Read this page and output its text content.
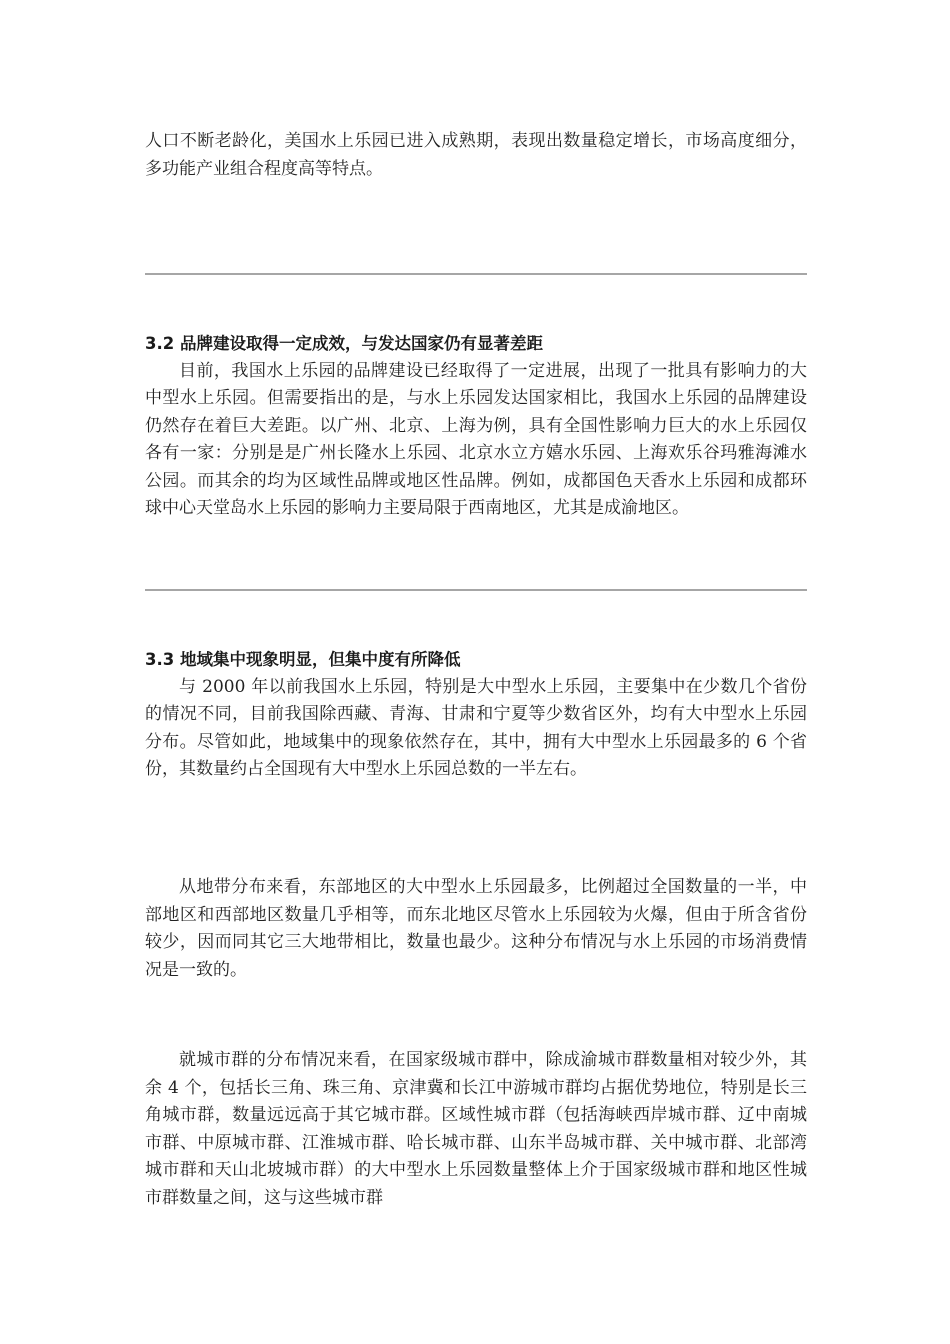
人口不断老龄化，美国水上乐园已进入成熟期，表现出数量稳定增长，市场高度细分，多功能产业组合程度高等特点。

3.2 品牌建设取得一定成效，与发达国家仍有显著差距

目前，我国水上乐园的品牌建设已经取得了一定进展，出现了一批具有影响力的大中型水上乐园。但需要指出的是，与水上乐园发达国家相比，我国水上乐园的品牌建设仍然存在着巨大差距。以广州、北京、上海为例，具有全国性影响力巨大的水上乐园仅各有一家：分别是是广州长隆水上乐园、北京水立方嬉水乐园、上海欢乐谷玛雅海滩水公园。而其余的均为区域性品牌或地区性品牌。例如，成都国色天香水上乐园和成都环球中心天堂岛水上乐园的影响力主要局限于西南地区，尤其是成渝地区。

3.3 地域集中现象明显，但集中度有所降低

与 2000 年以前我国水上乐园，特别是大中型水上乐园，主要集中在少数几个省份的情况不同，目前我国除西藏、青海、甘肃和宁夏等少数省区外，均有大中型水上乐园分布。尽管如此，地域集中的现象依然存在，其中，拥有大中型水上乐园最多的 6 个省份，其数量约占全国现有大中型水上乐园总数的一半左右。

从地带分布来看，东部地区的大中型水上乐园最多，比例超过全国数量的一半，中部地区和西部地区数量几乎相等，而东北地区尽管水上乐园较为火爆，但由于所含省份较少，因而同其它三大地带相比，数量也最少。这种分布情况与水上乐园的市场消费情况是一致的。

就城市群的分布情况来看，在国家级城市群中，除成渝城市群数量相对较少外，其余 4 个，包括长三角、珠三角、京津冀和长江中游城市群均占据优势地位，特别是长三角城市群，数量远远高于其它城市群。区域性城市群（包括海峡西岸城市群、辽中南城市群、中原城市群、江淮城市群、哈长城市群、山东半岛城市群、关中城市群、北部湾城市群和天山北坡城市群）的大中型水上乐园数量整体上介于国家级城市群和地区性城市群数量之间，这与这些城市群
